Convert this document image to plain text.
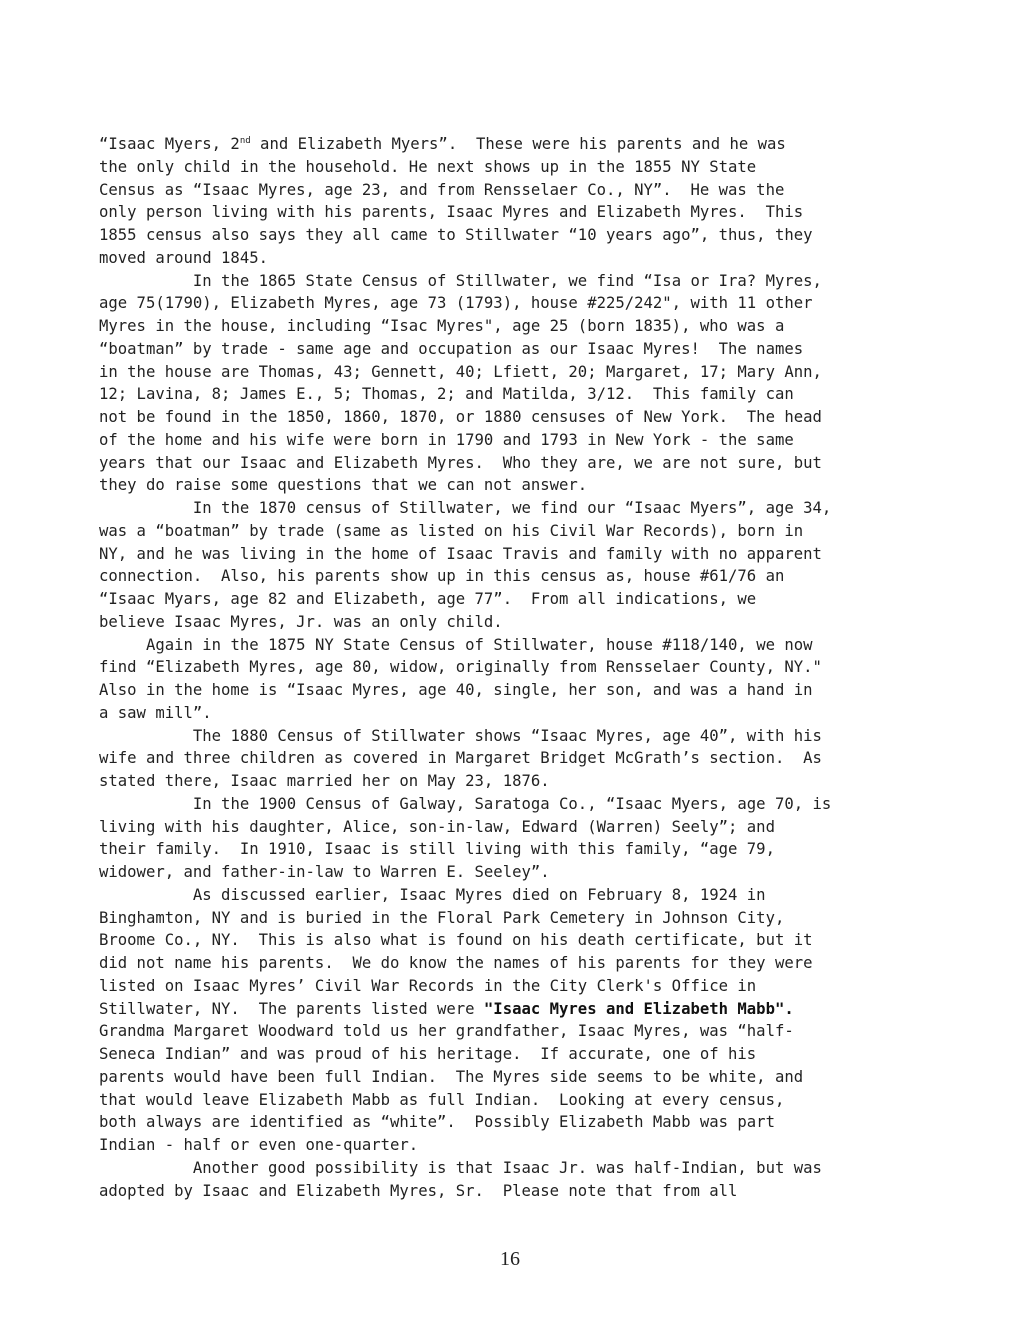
“Isaac Myers, 2nd and Elizabeth Myers”.  These were his parents and he was
the only child in the household. He next shows up in the 1855 NY State
Census as “Isaac Myres, age 23, and from Rensselaer Co., NY”.  He was the
only person living with his parents, Isaac Myres and Elizabeth Myres.  This
1855 census also says they all came to Stillwater “10 years ago”, thus, they
moved around 1845.
In the 1865 State Census of Stillwater, we find “Isa or Ira? Myres,
age 75(1790), Elizabeth Myres, age 73 (1793), house #225/242", with 11 other
Myres in the house, including “Isac Myres", age 25 (born 1835), who was a
“boatman” by trade - same age and occupation as our Isaac Myres!  The names
in the house are Thomas, 43; Gennett, 40; Lfiett, 20; Margaret, 17; Mary Ann,
12; Lavina, 8; James E., 5; Thomas, 2; and Matilda, 3/12.  This family can
not be found in the 1850, 1860, 1870, or 1880 censuses of New York.  The head
of the home and his wife were born in 1790 and 1793 in New York - the same
years that our Isaac and Elizabeth Myres.  Who they are, we are not sure, but
they do raise some questions that we can not answer.
In the 1870 census of Stillwater, we find our “Isaac Myers”, age 34,
was a “boatman” by trade (same as listed on his Civil War Records), born in
NY, and he was living in the home of Isaac Travis and family with no apparent
connection.  Also, his parents show up in this census as, house #61/76 an
“Isaac Myars, age 82 and Elizabeth, age 77”.  From all indications, we
believe Isaac Myres, Jr. was an only child.
Again in the 1875 NY State Census of Stillwater, house #118/140, we now
find “Elizabeth Myres, age 80, widow, originally from Rensselaer County, NY."
Also in the home is “Isaac Myres, age 40, single, her son, and was a hand in
a saw mill”.
The 1880 Census of Stillwater shows “Isaac Myres, age 40”, with his
wife and three children as covered in Margaret Bridget McGrath’s section.  As
stated there, Isaac married her on May 23, 1876.
In the 1900 Census of Galway, Saratoga Co., “Isaac Myers, age 70, is
living with his daughter, Alice, son-in-law, Edward (Warren) Seely”; and
their family.  In 1910, Isaac is still living with this family, “age 79,
widower, and father-in-law to Warren E. Seeley”.
As discussed earlier, Isaac Myres died on February 8, 1924 in
Binghamton, NY and is buried in the Floral Park Cemetery in Johnson City,
Broome Co., NY.  This is also what is found on his death certificate, but it
did not name his parents.  We do know the names of his parents for they were
listed on Isaac Myres’ Civil War Records in the City Clerk's Office in
Stillwater, NY.  The parents listed were "Isaac Myres and Elizabeth Mabb".
Grandma Margaret Woodward told us her grandfather, Isaac Myres, was “half-
Seneca Indian” and was proud of his heritage.  If accurate, one of his
parents would have been full Indian.  The Myres side seems to be white, and
that would leave Elizabeth Mabb as full Indian.  Looking at every census,
both always are identified as “white”.  Possibly Elizabeth Mabb was part
Indian - half or even one-quarter.
Another good possibility is that Isaac Jr. was half-Indian, but was
adopted by Isaac and Elizabeth Myres, Sr.  Please note that from all
16
